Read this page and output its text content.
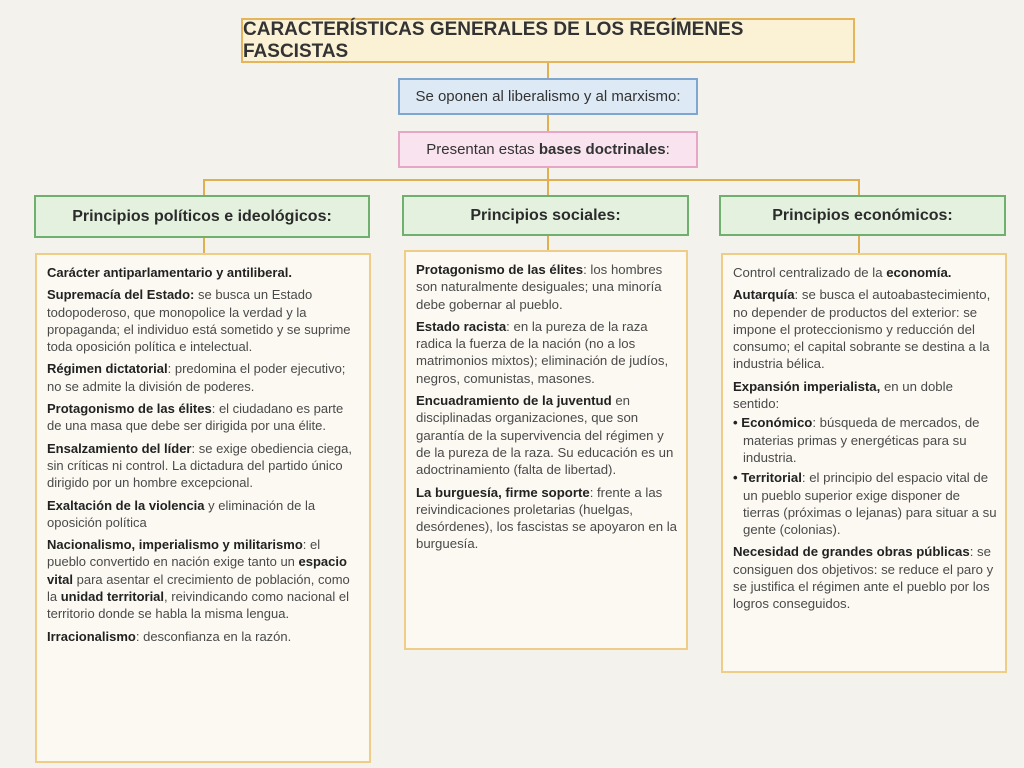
CARACTERÍSTICAS GENERALES DE LOS REGÍMENES FASCISTAS
Se oponen al liberalismo y al marxismo:
Presentan estas bases doctrinales:
Principios políticos e ideológicos:	Principios sociales:	Principios económicos:

Carácter antiparlamentario y antiliberal.

Supremacía del Estado: se busca un Estado todopoderoso, que monopolice la verdad y la propaganda; el individuo está sometido y se suprime toda oposición política e intelectual.

Régimen dictatorial: predomina el poder ejecutivo; no se admite la división de poderes.

Protagonismo de las élites: el ciudadano es parte de una masa que debe ser dirigida por una élite.

Ensalzamiento del líder: se exige obediencia ciega, sin críticas ni control. La dictadura del partido único dirigido por un hombre excepcional.

Exaltación de la violencia y eliminación de la oposición política

Nacionalismo, imperialismo y militarismo: el pueblo convertido en nación exige tanto un espacio vital para asentar el crecimiento de población, como la unidad territorial, reivindicando como nacional el territorio donde se habla la misma lengua.

Irracionalismo: desconfianza en la razón.

Protagonismo de las élites: los hombres son naturalmente desiguales; una minoría debe gobernar al pueblo.

Estado racista: en la pureza de la raza radica la fuerza de la nación (no a los matrimonios mixtos); eliminación de judíos, negros, comunistas, masones.

Encuadramiento de la juventud en disciplinadas organizaciones, que son garantía de la supervivencia del régimen y de la pureza de la raza. Su educación es un adoctrinamiento (falta de libertad).

La burguesía, firme soporte: frente a las reivindicaciones proletarias (huelgas, desórdenes), los fascistas se apoyaron en la burguesía.

Control centralizado de la economía.

Autarquía: se busca el autoabastecimiento, no depender de productos del exterior: se impone el proteccionismo y reducción del consumo; el capital sobrante se destina a la industria bélica.

Expansión imperialista, en un doble sentido:

• Económico: búsqueda de mercados, de materias primas y energéticas para su industria.

• Territorial: el principio del espacio vital de un pueblo superior exige disponer de tierras (próximas o lejanas) para situar a su gente (colonias).

Necesidad de grandes obras públicas: se consiguen dos objetivos: se reduce el paro y se justifica el régimen ante el pueblo por los logros conseguidos.
